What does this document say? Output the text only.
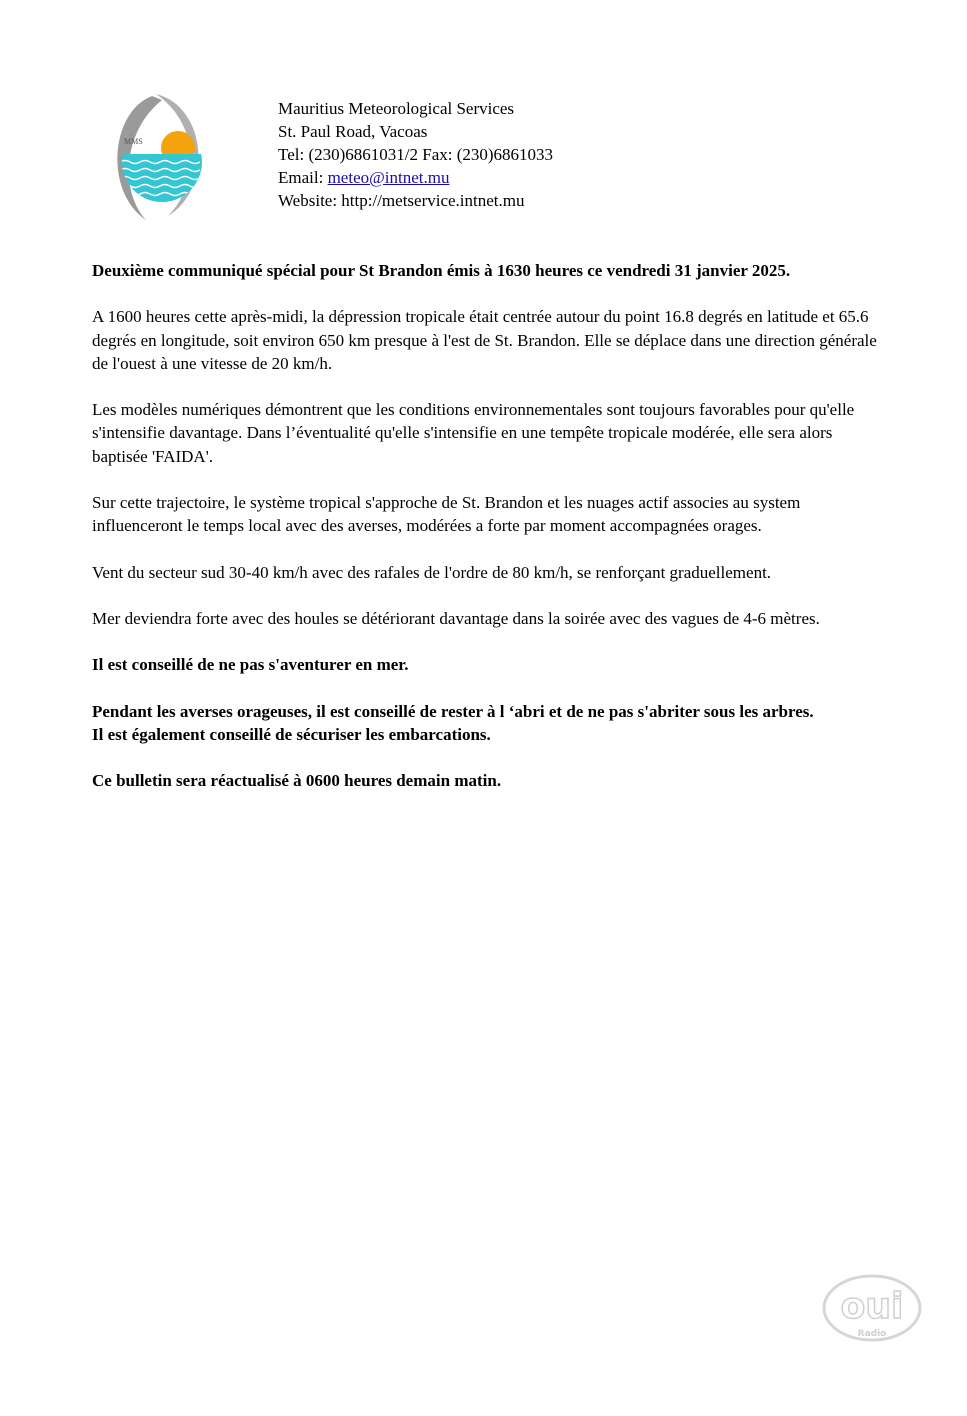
MMS
Mauritius Meteorological Services
St. Paul Road, Vacoas
Tel: (230)6861031/2 Fax: (230)6861033
Email: meteo@intnet.mu
Website: http://metservice.intnet.mu

Deuxième communiqué spécial pour St Brandon émis à 1630 heures ce vendredi 31 janvier 2025.

A 1600 heures cette après-midi, la dépression tropicale était centrée autour du point 16.8 degrés en latitude et 65.6 degrés en longitude, soit environ 650 km presque à l'est de St. Brandon. Elle se déplace dans une direction générale de l'ouest à une vitesse de 20 km/h.

Les modèles numériques démontrent que les conditions environnementales sont toujours favorables pour qu'elle s'intensifie davantage. Dans l’éventualité qu'elle s'intensifie en une tempête tropicale modérée, elle sera alors baptisée 'FAIDA'.

Sur cette trajectoire, le système tropical s'approche de St. Brandon et les nuages actif associes au system influenceront le temps local avec des averses, modérées a forte par moment accompagnées orages.

Vent du secteur sud 30-40 km/h avec des rafales de l'ordre de 80 km/h, se renforçant graduellement.

Mer deviendra forte avec des houles se détériorant davantage dans la soirée avec des vagues de 4-6 mètres.

Il est conseillé de ne pas s'aventurer en mer.

Pendant les averses orageuses, il est conseillé de rester à l ‘abri et de ne pas s'abriter sous les arbres.

Il est également conseillé de sécuriser les embarcations.

Ce bulletin sera réactualisé à 0600 heures demain matin.

oui
Radio
